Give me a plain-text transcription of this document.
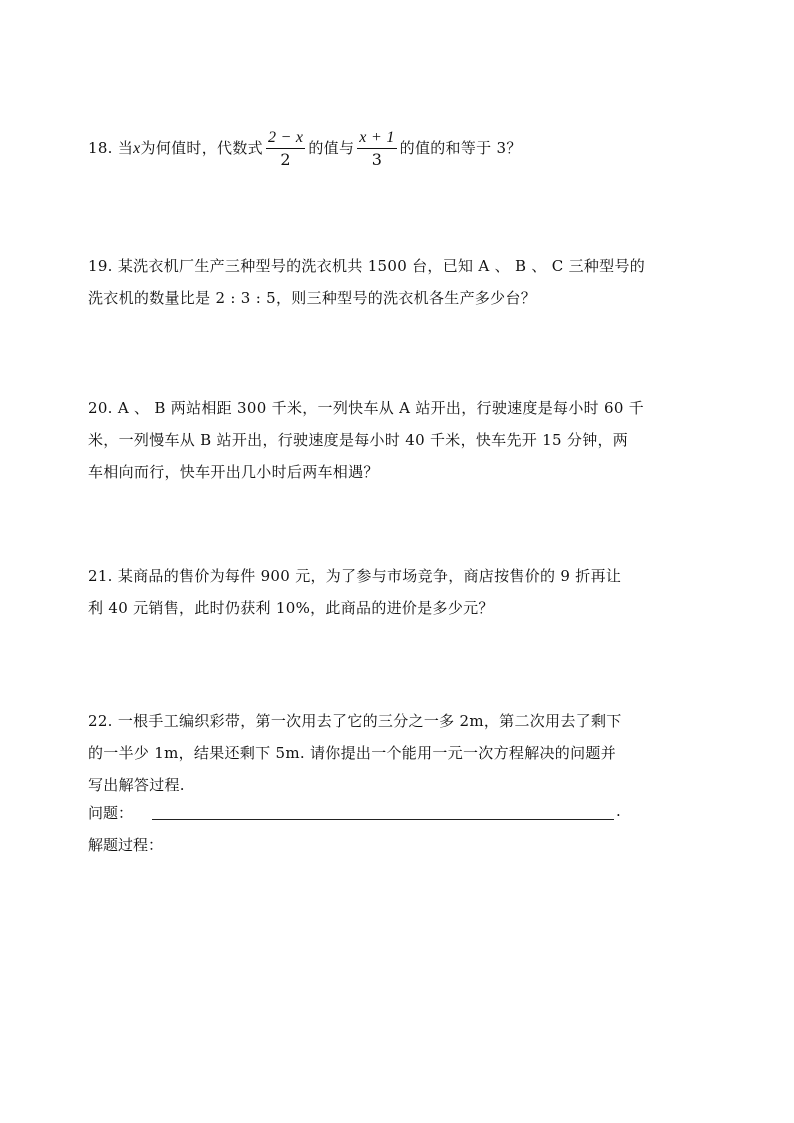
18. 当x为何值时，代数式 $\frac{2 - x}{2}$ 的值与 $\frac{x + 1}{3}$ 的值的和等于 3？
19. 某洗衣机厂生产三种型号的洗衣机共 1500 台，已知 A 、 B 、 C 三种型号的
洗衣机的数量比是 2 : 3 : 5，则三种型号的洗衣机各生产多少台？
20. A 、 B 两站相距 300 千米，一列快车从 A 站开出，行驶速度是每小时 60 千
米，一列慢车从 B 站开出，行驶速度是每小时 40 千米，快车先开 15 分钟，两
车相向而行，快车开出几小时后两车相遇？
21. 某商品的售价为每件 900 元，为了参与市场竞争，商店按售价的 9 折再让
利 40 元销售，此时仍获利 10%，此商品的进价是多少元？
22. 一根手工编织彩带，第一次用去了它的三分之一多 2m，第二次用去了剩下
的一半少 1m，结果还剩下 5m. 请你提出一个能用一元一次方程解决的问题并
写出解答过程.
问题：	.
解题过程：
